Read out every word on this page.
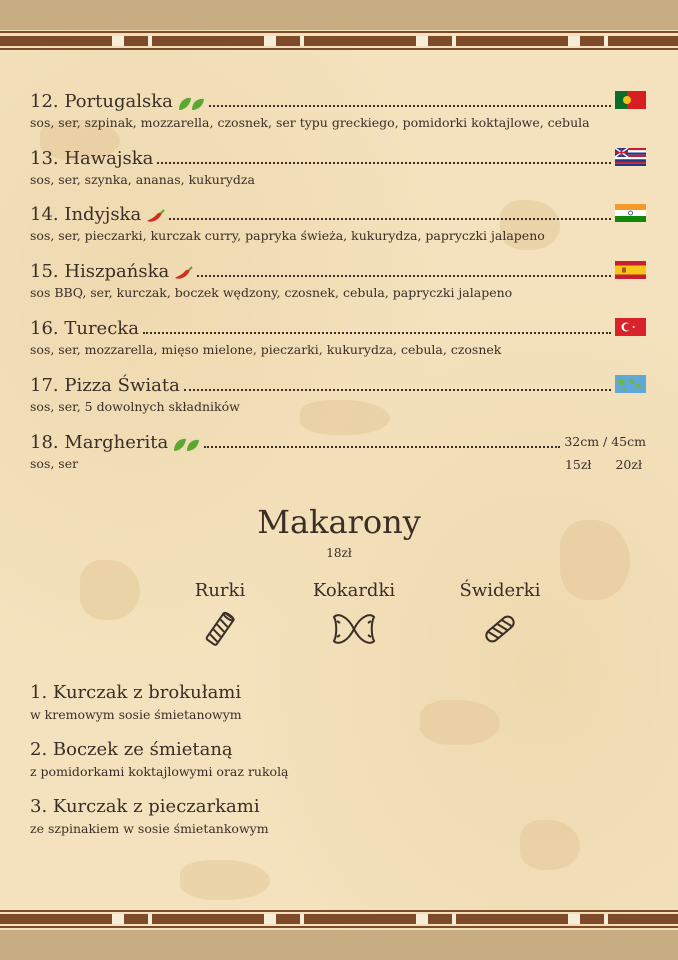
12. Portugalska
sos, ser, szpinak, mozzarella, czosnek, ser typu greckiego, pomidorki koktajlowe, cebula
13. Hawajska
sos, ser, szynka, ananas, kukurydza
14. Indyjska
sos, ser, pieczarki, kurczak curry, papryka świeża, kukurydza, papryczki jalapeno
15. Hiszpańska
sos BBQ, ser, kurczak, boczek wędzony, czosnek, cebula, papryczki jalapeno
16. Turecka
sos, ser, mozzarella, mięso mielone, pieczarki, kukurydza, cebula, czosnek
17. Pizza Świata
sos, ser, 5 dowolnych składników
18. Margherita	32cm / 45cm
sos, ser	15zł 20zł
Makarony
18zł
Rurki	Kokardki	Świderki
1. Kurczak z brokułami
w kremowym sosie śmietanowym
2. Boczek ze śmietaną
z pomidorkami koktajlowymi oraz rukolą
3. Kurczak z pieczarkami
ze szpinakiem w sosie śmietankowym
